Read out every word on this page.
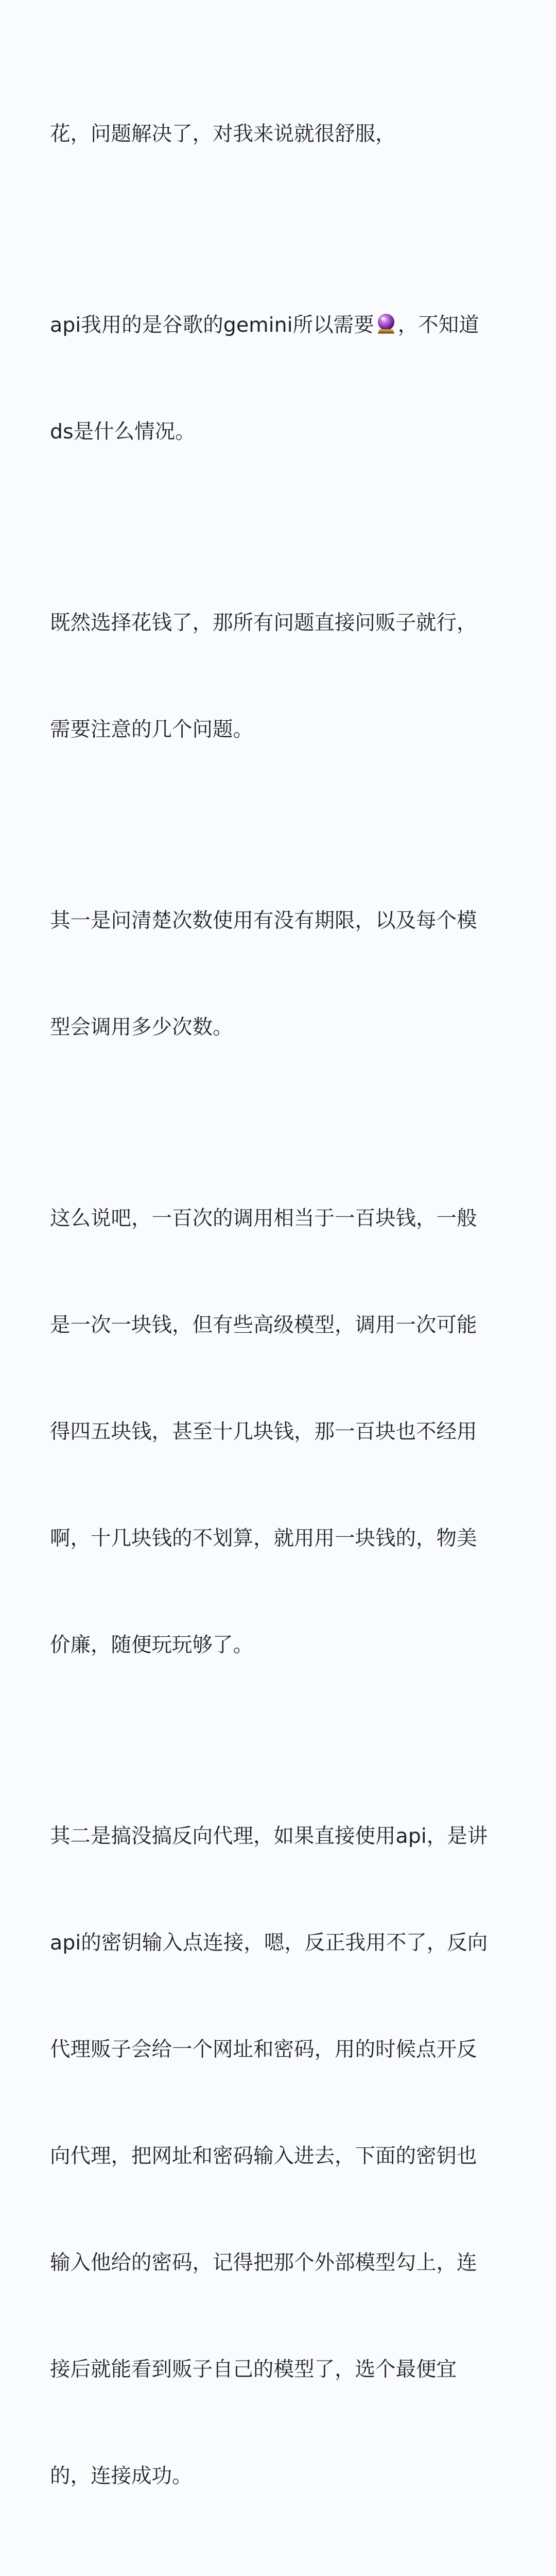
花，问题解决了，对我来说就很舒服，

api我用的是谷歌的gemini所以需要 ，不知道

ds是什么情况。

既然选择花钱了，那所有问题直接问贩子就行，

需要注意的几个问题。

其一是问清楚次数使用有没有期限，以及每个模

型会调用多少次数。

这么说吧，一百次的调用相当于一百块钱，一般

是一次一块钱，但有些高级模型，调用一次可能

得四五块钱，甚至十几块钱，那一百块也不经用

啊，十几块钱的不划算，就用用一块钱的，物美

价廉，随便玩玩够了。

其二是搞没搞反向代理，如果直接使用api，是讲

api的密钥输入点连接，嗯，反正我用不了，反向

代理贩子会给一个网址和密码，用的时候点开反

向代理，把网址和密码输入进去，下面的密钥也

输入他给的密码，记得把那个外部模型勾上，连

接后就能看到贩子自己的模型了，选个最便宜

的，连接成功。
